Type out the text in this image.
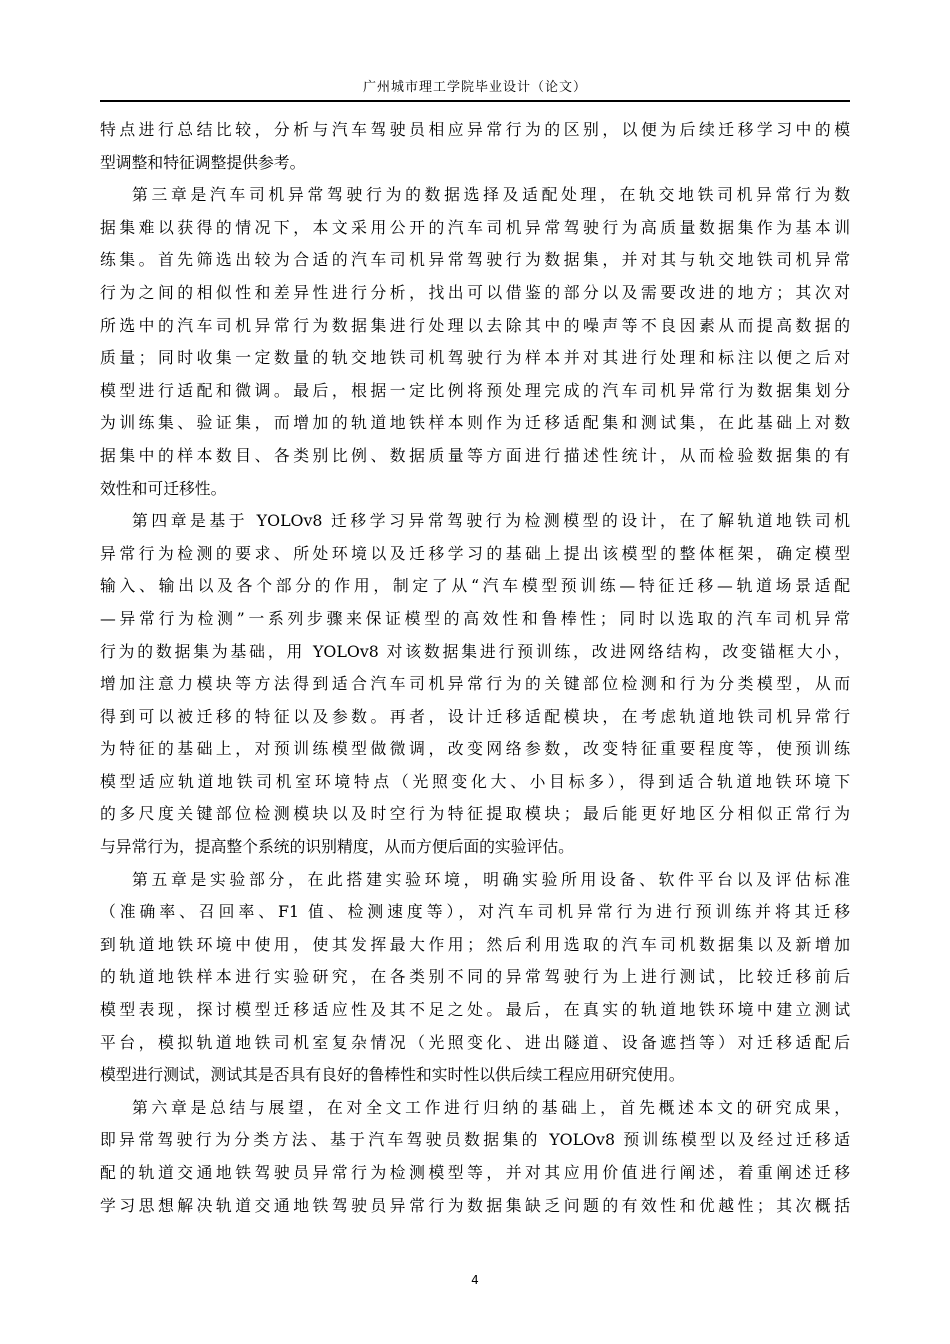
广州城市理工学院毕业设计（论文）
特点进行总结比较，分析与汽车驾驶员相应异常行为的区别，以便为后续迁移学习中的模
型调整和特征调整提供参考。
第三章是汽车司机异常驾驶行为的数据选择及适配处理，在轨交地铁司机异常行为数
据集难以获得的情况下，本文采用公开的汽车司机异常驾驶行为高质量数据集作为基本训
练集。首先筛选出较为合适的汽车司机异常驾驶行为数据集，并对其与轨交地铁司机异常
行为之间的相似性和差异性进行分析，找出可以借鉴的部分以及需要改进的地方；其次对
所选中的汽车司机异常行为数据集进行处理以去除其中的噪声等不良因素从而提高数据的
质量；同时收集一定数量的轨交地铁司机驾驶行为样本并对其进行处理和标注以便之后对
模型进行适配和微调。最后，根据一定比例将预处理完成的汽车司机异常行为数据集划分
为训练集、验证集，而增加的轨道地铁样本则作为迁移适配集和测试集，在此基础上对数
据集中的样本数目、各类别比例、数据质量等方面进行描述性统计，从而检验数据集的有
效性和可迁移性。
第四章是基于 YOLOv8 迁移学习异常驾驶行为检测模型的设计，在了解轨道地铁司机
异常行为检测的要求、所处环境以及迁移学习的基础上提出该模型的整体框架，确定模型
输入、输出以及各个部分的作用，制定了从“汽车模型预训练—特征迁移—轨道场景适配
—异常行为检测”一系列步骤来保证模型的高效性和鲁棒性；同时以选取的汽车司机异常
行为的数据集为基础，用 YOLOv8 对该数据集进行预训练，改进网络结构，改变锚框大小，
增加注意力模块等方法得到适合汽车司机异常行为的关键部位检测和行为分类模型，从而
得到可以被迁移的特征以及参数。再者，设计迁移适配模块，在考虑轨道地铁司机异常行
为特征的基础上，对预训练模型做微调，改变网络参数，改变特征重要程度等，使预训练
模型适应轨道地铁司机室环境特点（光照变化大、小目标多），得到适合轨道地铁环境下
的多尺度关键部位检测模块以及时空行为特征提取模块；最后能更好地区分相似正常行为
与异常行为，提高整个系统的识别精度，从而方便后面的实验评估。
第五章是实验部分，在此搭建实验环境，明确实验所用设备、软件平台以及评估标准
（准确率、召回率、F1 值、检测速度等），对汽车司机异常行为进行预训练并将其迁移
到轨道地铁环境中使用，使其发挥最大作用；然后利用选取的汽车司机数据集以及新增加
的轨道地铁样本进行实验研究，在各类别不同的异常驾驶行为上进行测试，比较迁移前后
模型表现，探讨模型迁移适应性及其不足之处。最后，在真实的轨道地铁环境中建立测试
平台，模拟轨道地铁司机室复杂情况（光照变化、进出隧道、设备遮挡等）对迁移适配后
模型进行测试，测试其是否具有良好的鲁棒性和实时性以供后续工程应用研究使用。
第六章是总结与展望，在对全文工作进行归纳的基础上，首先概述本文的研究成果，
即异常驾驶行为分类方法、基于汽车驾驶员数据集的 YOLOv8 预训练模型以及经过迁移适
配的轨道交通地铁驾驶员异常行为检测模型等，并对其应用价值进行阐述，着重阐述迁移
学习思想解决轨道交通地铁驾驶员异常行为数据集缺乏问题的有效性和优越性；其次概括
4
